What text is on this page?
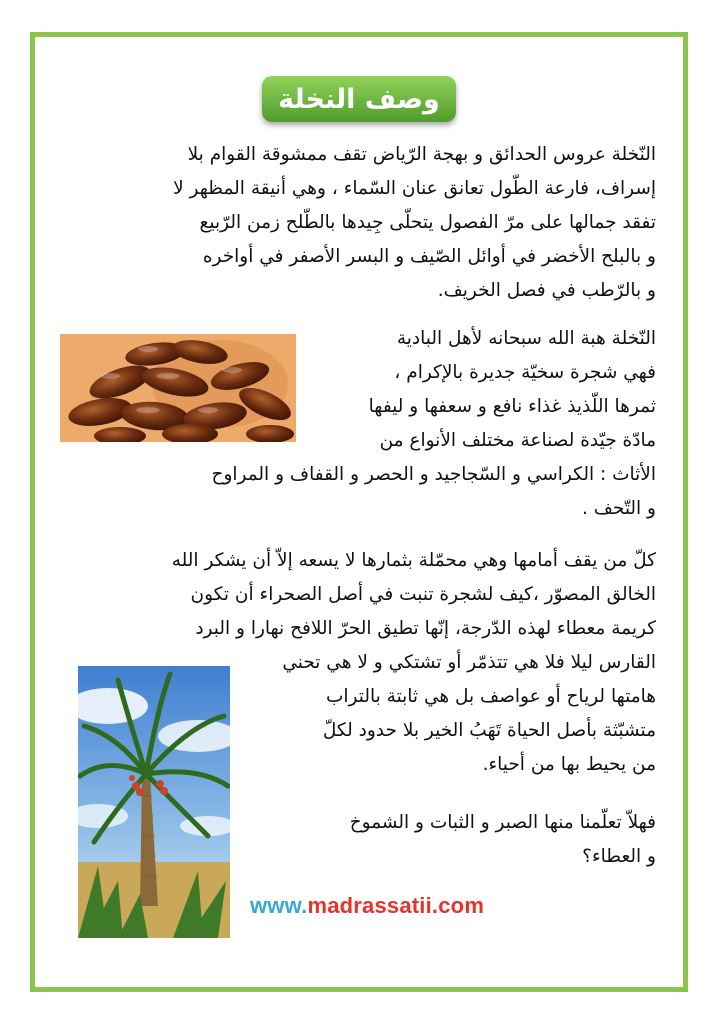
وصف النخلة
النّخلة عروس الحدائق و بهجة الرّياض تقف ممشوقة القوام بلا
إسراف، فارعة الطّول تعانق عنان السّماء ، وهي أنيقة المظهر لا
تفقد جمالها على مرّ الفصول يتحلّى جِيدها بالطّلح زمن الرّبيع
و بالبلح الأخضر في أوائل الصّيف و البسر الأصفر في أواخره
و بالرّطب في فصل الخريف.
النّخلة هبة الله سبحانه لأهل البادية
فهي شجرة سخيّة جديرة بالإكرام ،
ثمرها اللّذيذ غذاء نافع و سعفها و ليفها
مادّة جيّدة لصناعة مختلف الأنواع من
الأثاث : الكراسي و السّجاجيد و الحصر و القفاف و المراوح
و التّحف .
كلّ من يقف أمامها وهي محمّلة بثمارها لا يسعه إلاّ أن يشكر الله
الخالق المصوّر ،كيف لشجرة تنبت في أصل الصحراء أن تكون
كريمة معطاء لهذه الدّرجة، إنّها تطيق الحرّ اللافح نهارا و البرد
القارس ليلا فلا هي تتذمّر أو تشتكي و لا هي تحني
هامتها لرياح أو عواصف بل هي ثابتة بالتراب
متشبّثة بأصل الحياة تَهَبُ الخير بلا حدود لكلّ
من يحيط بها من أحياء.
فهلاّ تعلّمنا منها الصبر و الثبات و الشموخ
و العطاء؟
www.madrassatii.com
